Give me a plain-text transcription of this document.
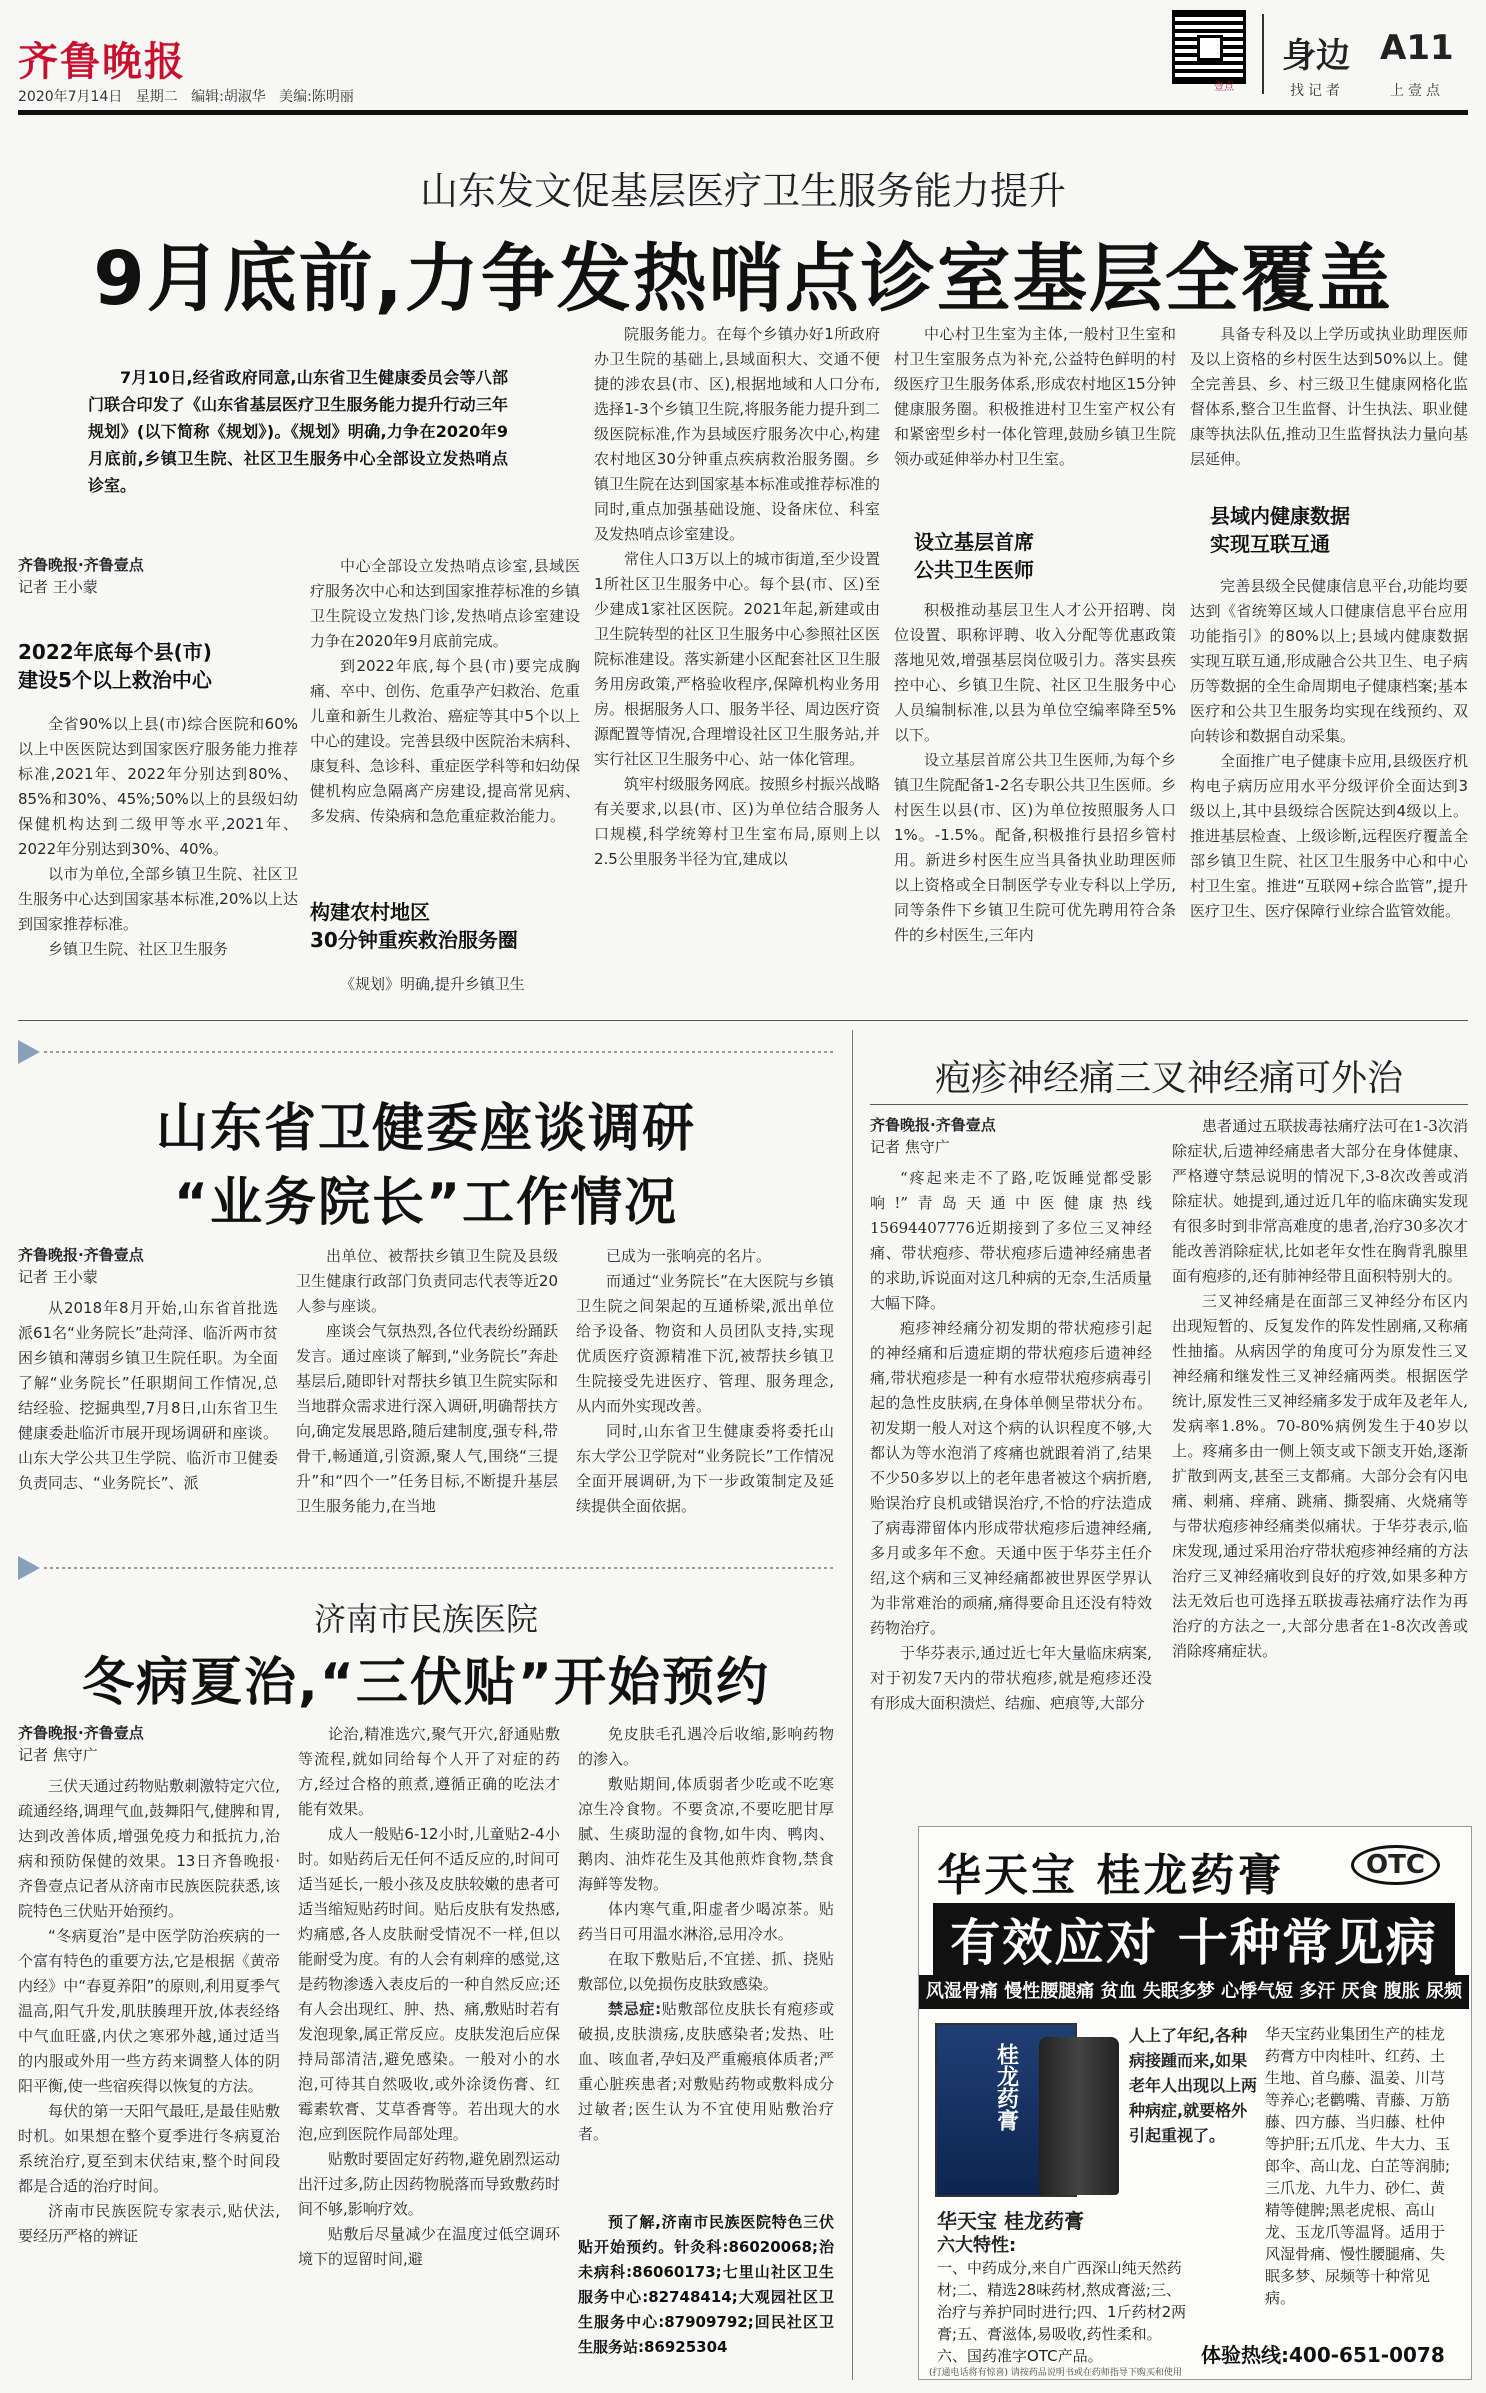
齐鲁晚报
2020年7月14日 星期二 编辑:胡淑华 美编:陈明丽
壹点
身边 A11
找记者	上壹点
山东发文促基层医疗卫生服务能力提升
9月底前,力争发热哨点诊室基层全覆盖
7月10日,经省政府同意,山东省卫生健康委员会等八部门联合印发了《山东省基层医疗卫生服务能力提升行动三年规划》(以下简称《规划》)。《规划》明确,力争在2020年9月底前,乡镇卫生院、社区卫生服务中心全部设立发热哨点诊室。
齐鲁晚报·齐鲁壹点
记者 王小蒙
2022年底每个县(市)
建设5个以上救治中心

全省90%以上县(市)综合医院和60%以上中医医院达到国家医疗服务能力推荐标准,2021年、2022年分别达到80%、85%和30%、45%;50%以上的县级妇幼保健机构达到二级甲等水平,2021年、2022年分别达到30%、40%。

以市为单位,全部乡镇卫生院、社区卫生服务中心达到国家基本标准,20%以上达到国家推荐标准。

乡镇卫生院、社区卫生服务

中心全部设立发热哨点诊室,县域医疗服务次中心和达到国家推荐标准的乡镇卫生院设立发热门诊,发热哨点诊室建设力争在2020年9月底前完成。

到2022年底,每个县(市)要完成胸痛、卒中、创伤、危重孕产妇救治、危重儿童和新生儿救治、癌症等其中5个以上中心的建设。完善县级中医院治未病科、康复科、急诊科、重症医学科等和妇幼保健机构应急隔离产房建设,提高常见病、多发病、传染病和急危重症救治能力。

构建农村地区
30分钟重疾救治服务圈

《规划》明确,提升乡镇卫生

院服务能力。在每个乡镇办好1所政府办卫生院的基础上,县域面积大、交通不便捷的涉农县(市、区),根据地域和人口分布,选择1-3个乡镇卫生院,将服务能力提升到二级医院标准,作为县域医疗服务次中心,构建农村地区30分钟重点疾病救治服务圈。乡镇卫生院在达到国家基本标准或推荐标准的同时,重点加强基础设施、设备床位、科室及发热哨点诊室建设。

常住人口3万以上的城市街道,至少设置1所社区卫生服务中心。每个县(市、区)至少建成1家社区医院。2021年起,新建或由卫生院转型的社区卫生服务中心参照社区医院标准建设。落实新建小区配套社区卫生服务用房政策,严格验收程序,保障机构业务用房。根据服务人口、服务半径、周边医疗资源配置等情况,合理增设社区卫生服务站,并实行社区卫生服务中心、站一体化管理。

筑牢村级服务网底。按照乡村振兴战略有关要求,以县(市、区)为单位结合服务人口规模,科学统筹村卫生室布局,原则上以2.5公里服务半径为宜,建成以

中心村卫生室为主体,一般村卫生室和村卫生室服务点为补充,公益特色鲜明的村级医疗卫生服务体系,形成农村地区15分钟健康服务圈。积极推进村卫生室产权公有和紧密型乡村一体化管理,鼓励乡镇卫生院领办或延伸举办村卫生室。

设立基层首席
公共卫生医师

积极推动基层卫生人才公开招聘、岗位设置、职称评聘、收入分配等优惠政策落地见效,增强基层岗位吸引力。落实县疾控中心、乡镇卫生院、社区卫生服务中心人员编制标准,以县为单位空编率降至5%以下。

设立基层首席公共卫生医师,为每个乡镇卫生院配备1-2名专职公共卫生医师。乡村医生以县(市、区)为单位按照服务人口1%。-1.5%。配备,积极推行县招乡管村用。新进乡村医生应当具备执业助理医师以上资格或全日制医学专业专科以上学历,同等条件下乡镇卫生院可优先聘用符合条件的乡村医生,三年内

具备专科及以上学历或执业助理医师及以上资格的乡村医生达到50%以上。健全完善县、乡、村三级卫生健康网格化监督体系,整合卫生监督、计生执法、职业健康等执法队伍,推动卫生监督执法力量向基层延伸。

县域内健康数据
实现互联互通

完善县级全民健康信息平台,功能均要达到《省统筹区域人口健康信息平台应用功能指引》的80%以上;县域内健康数据实现互联互通,形成融合公共卫生、电子病历等数据的全生命周期电子健康档案;基本医疗和公共卫生服务均实现在线预约、双向转诊和数据自动采集。

全面推广电子健康卡应用,县级医疗机构电子病历应用水平分级评价全面达到3级以上,其中县级综合医院达到4级以上。推进基层检查、上级诊断,远程医疗覆盖全部乡镇卫生院、社区卫生服务中心和中心村卫生室。推进“互联网+综合监管”,提升医疗卫生、医疗保障行业综合监管效能。

山东省卫健委座谈调研
“业务院长”工作情况
齐鲁晚报·齐鲁壹点
记者 王小蒙

从2018年8月开始,山东省首批选派61名“业务院长”赴菏泽、临沂两市贫困乡镇和薄弱乡镇卫生院任职。为全面了解“业务院长”任职期间工作情况,总结经验、挖掘典型,7月8日,山东省卫生健康委赴临沂市展开现场调研和座谈。山东大学公共卫生学院、临沂市卫健委负责同志、“业务院长”、派

出单位、被帮扶乡镇卫生院及县级卫生健康行政部门负责同志代表等近20人参与座谈。

座谈会气氛热烈,各位代表纷纷踊跃发言。通过座谈了解到,“业务院长”奔赴基层后,随即针对帮扶乡镇卫生院实际和当地群众需求进行深入调研,明确帮扶方向,确定发展思路,随后建制度,强专科,带骨干,畅通道,引资源,聚人气,围绕“三提升”和“四个一”任务目标,不断提升基层卫生服务能力,在当地

已成为一张响亮的名片。

而通过“业务院长”在大医院与乡镇卫生院之间架起的互通桥梁,派出单位给予设备、物资和人员团队支持,实现优质医疗资源精准下沉,被帮扶乡镇卫生院接受先进医疗、管理、服务理念,从内而外实现改善。

同时,山东省卫生健康委将委托山东大学公卫学院对“业务院长”工作情况全面开展调研,为下一步政策制定及延续提供全面依据。

济南市民族医院
冬病夏治,“三伏贴”开始预约
齐鲁晚报·齐鲁壹点
记者 焦守广

三伏天通过药物贴敷刺激特定穴位,疏通经络,调理气血,鼓舞阳气,健脾和胃,达到改善体质,增强免疫力和抵抗力,治病和预防保健的效果。13日齐鲁晚报·齐鲁壹点记者从济南市民族医院获悉,该院特色三伏贴开始预约。

“冬病夏治”是中医学防治疾病的一个富有特色的重要方法,它是根据《黄帝内经》中“春夏养阳”的原则,利用夏季气温高,阳气升发,肌肤腠理开放,体表经络中气血旺盛,内伏之寒邪外越,通过适当的内服或外用一些方药来调整人体的阴阳平衡,使一些宿疾得以恢复的方法。

每伏的第一天阳气最旺,是最佳贴敷时机。如果想在整个夏季进行冬病夏治系统治疗,夏至到末伏结束,整个时间段都是合适的治疗时间。

济南市民族医院专家表示,贴伏法,要经历严格的辨证

论治,精准选穴,聚气开穴,舒通贴敷等流程,就如同给每个人开了对症的药方,经过合格的煎煮,遵循正确的吃法才能有效果。

成人一般贴6-12小时,儿童贴2-4小时。如贴药后无任何不适反应的,时间可适当延长,一般小孩及皮肤较嫩的患者可适当缩短贴药时间。贴后皮肤有发热感,灼痛感,各人皮肤耐受情况不一样,但以能耐受为度。有的人会有刺痒的感觉,这是药物渗透入表皮后的一种自然反应;还有人会出现红、肿、热、痛,敷贴时若有发泡现象,属正常反应。皮肤发泡后应保持局部清洁,避免感染。一般对小的水泡,可待其自然吸收,或外涂烫伤膏、红霉素软膏、艾草香膏等。若出现大的水泡,应到医院作局部处理。

贴敷时要固定好药物,避免剧烈运动出汗过多,防止因药物脱落而导致敷药时间不够,影响疗效。

贴敷后尽量减少在温度过低空调环境下的逗留时间,避

免皮肤毛孔遇冷后收缩,影响药物的渗入。

敷贴期间,体质弱者少吃或不吃寒凉生冷食物。不要贪凉,不要吃肥甘厚腻、生痰助湿的食物,如牛肉、鸭肉、鹅肉、油炸花生及其他煎炸食物,禁食海鲜等发物。

体内寒气重,阳虚者少喝凉茶。贴药当日可用温水淋浴,忌用冷水。

在取下敷贴后,不宜搓、抓、挠贴敷部位,以免损伤皮肤致感染。

禁忌症:贴敷部位皮肤长有疱疹或破损,皮肤溃疡,皮肤感染者;发热、吐血、咳血者,孕妇及严重瘢痕体质者;严重心脏疾患者;对敷贴药物或敷料成分过敏者;医生认为不宜使用贴敷治疗者。

预了解,济南市民族医院特色三伏贴开始预约。针灸科:86020068;治未病科:86060173;七里山社区卫生服务中心:82748414;大观园社区卫生服务中心:87909792;回民社区卫生服务站:86925304

疱疹神经痛三叉神经痛可外治
齐鲁晚报·齐鲁壹点
记者 焦守广

“疼起来走不了路,吃饭睡觉都受影响!”青岛天通中医健康热线15694407776近期接到了多位三叉神经痛、带状疱疹、带状疱疹后遗神经痛患者的求助,诉说面对这几种病的无奈,生活质量大幅下降。

疱疹神经痛分初发期的带状疱疹引起的神经痛和后遗症期的带状疱疹后遗神经痛,带状疱疹是一种有水痘带状疱疹病毒引起的急性皮肤病,在身体单侧呈带状分布。初发期一般人对这个病的认识程度不够,大都认为等水泡消了疼痛也就跟着消了,结果不少50多岁以上的老年患者被这个病折磨,贻误治疗良机或错误治疗,不恰的疗法造成了病毒滞留体内形成带状疱疹后遗神经痛,多月或多年不愈。天通中医于华芬主任介绍,这个病和三叉神经痛都被世界医学界认为非常难治的顽痛,痛得要命且还没有特效药物治疗。

于华芬表示,通过近七年大量临床病案,对于初发7天内的带状疱疹,就是疱疹还没有形成大面积溃烂、结痂、疤痕等,大部分

患者通过五联拔毒祛痛疗法可在1-3次消除症状,后遗神经痛患者大部分在身体健康、严格遵守禁忌说明的情况下,3-8次改善或消除症状。她提到,通过近几年的临床确实发现有很多时到非常高难度的患者,治疗30多次才能改善消除症状,比如老年女性在胸背乳腺里面有疱疹的,还有肺神经带且面积特别大的。

三叉神经痛是在面部三叉神经分布区内出现短暂的、反复发作的阵发性剧痛,又称痛性抽搐。从病因学的角度可分为原发性三叉神经痛和继发性三叉神经痛两类。根据医学统计,原发性三叉神经痛多发于成年及老年人,发病率1.8%。70-80%病例发生于40岁以上。疼痛多由一侧上领支或下颌支开始,逐渐扩散到两支,甚至三支都痛。大部分会有闪电痛、刺痛、痒痛、跳痛、撕裂痛、火烧痛等与带状疱疹神经痛类似痛状。于华芬表示,临床发现,通过采用治疗带状疱疹神经痛的方法治疗三叉神经痛收到良好的疗效,如果多种方法无效后也可选择五联拔毒祛痛疗法作为再治疗的方法之一,大部分患者在1-8次改善或消除疼痛症状。

华天宝 桂龙药膏	OTC
有效应对 十种常见病
风湿骨痛 慢性腰腿痛 贫血 失眠多梦 心悸气短 多汗 厌食 腹胀 尿频
桂龙药膏
人上了年纪,各种病接踵而来,如果老年人出现以上两种病症,就要格外引起重视了。
华天宝 桂龙药膏
六大特性:
一、中药成分,来自广西深山纯天然药材;二、精选28味药材,熬成膏滋;三、治疗与养护同时进行;四、1斤药材2两膏;五、膏滋体,易吸收,药性柔和。六、国药准字OTC产品。
华天宝药业集团生产的桂龙药膏方中肉桂叶、红药、土生地、首乌藤、温姜、川芎等养心;老鹳嘴、青藤、万筋藤、四方藤、当归藤、杜仲等护肝;五爪龙、牛大力、玉郎伞、高山龙、白芷等润肺;三爪龙、九牛力、砂仁、黄精等健脾;黑老虎根、高山龙、玉龙爪等温肾。适用于风湿骨痛、慢性腰腿痛、失眠多梦、尿频等十种常见病。
体验热线:400-651-0078
(打通电话将有惊喜) 请按药品说明书或在药师指导下购买和使用
